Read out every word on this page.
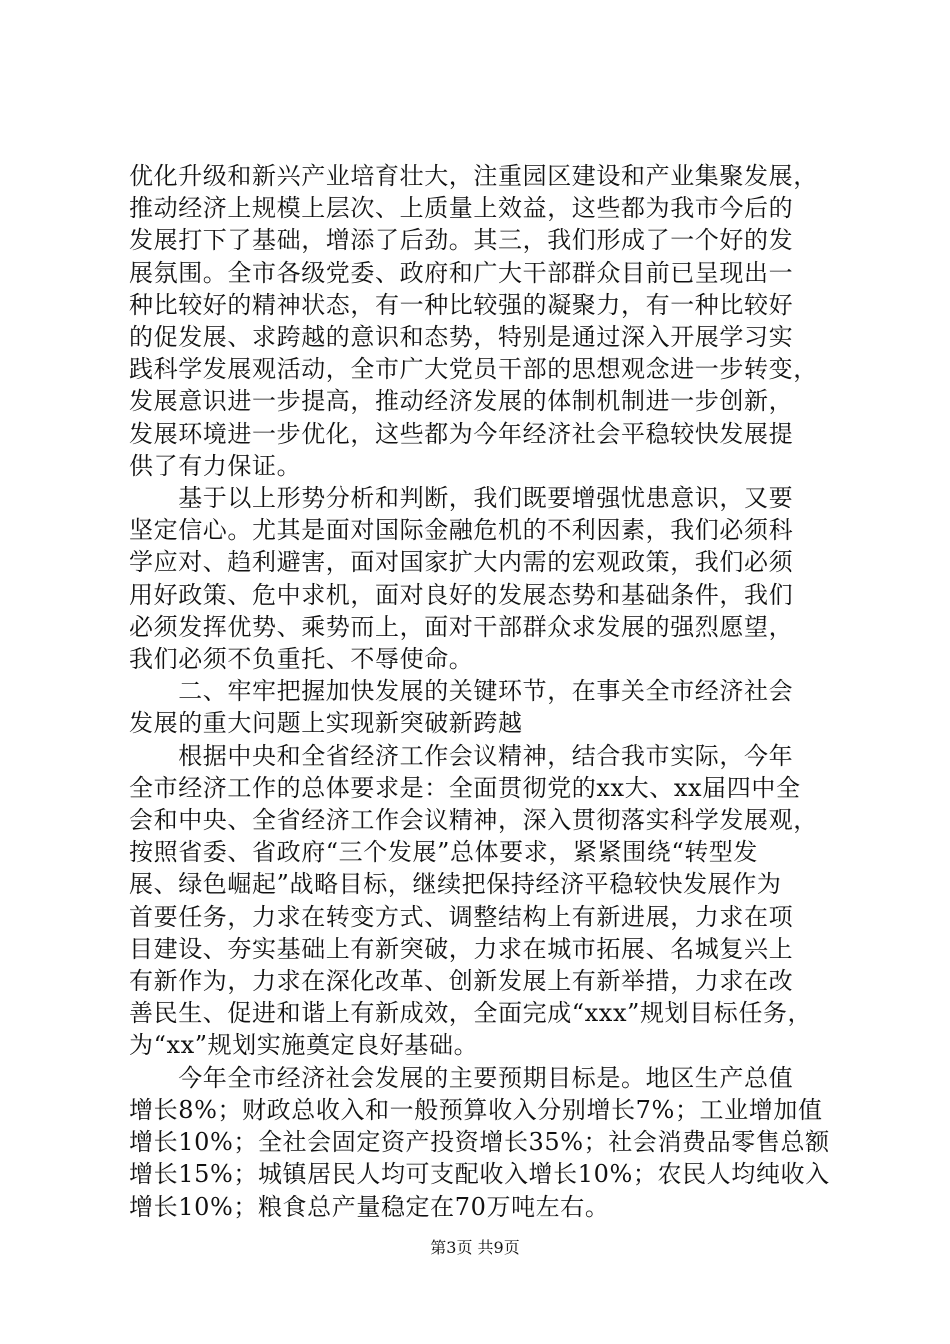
优化升级和新兴产业培育壮大，注重园区建设和产业集聚发展，
推动经济上规模上层次、上质量上效益，这些都为我市今后的
发展打下了基础，增添了后劲。其三，我们形成了一个好的发
展氛围。全市各级党委、政府和广大干部群众目前已呈现出一
种比较好的精神状态，有一种比较强的凝聚力，有一种比较好
的促发展、求跨越的意识和态势，特别是通过深入开展学习实
践科学发展观活动，全市广大党员干部的思想观念进一步转变，
发展意识进一步提高，推动经济发展的体制机制进一步创新，
发展环境进一步优化，这些都为今年经济社会平稳较快发展提
供了有力保证。

　　基于以上形势分析和判断，我们既要增强忧患意识，又要
坚定信心。尤其是面对国际金融危机的不利因素，我们必须科
学应对、趋利避害，面对国家扩大内需的宏观政策，我们必须
用好政策、危中求机，面对良好的发展态势和基础条件，我们
必须发挥优势、乘势而上，面对干部群众求发展的强烈愿望，
我们必须不负重托、不辱使命。

　　二、牢牢把握加快发展的关键环节，在事关全市经济社会
发展的重大问题上实现新突破新跨越

　　根据中央和全省经济工作会议精神，结合我市实际，今年
全市经济工作的总体要求是：全面贯彻党的xx大、xx届四中全
会和中央、全省经济工作会议精神，深入贯彻落实科学发展观，
按照省委、省政府“三个发展”总体要求，紧紧围绕“转型发
展、绿色崛起”战略目标，继续把保持经济平稳较快发展作为
首要任务，力求在转变方式、调整结构上有新进展，力求在项
目建设、夯实基础上有新突破，力求在城市拓展、名城复兴上
有新作为，力求在深化改革、创新发展上有新举措，力求在改
善民生、促进和谐上有新成效，全面完成“xxx”规划目标任务，
为“xx”规划实施奠定良好基础。

　　今年全市经济社会发展的主要预期目标是。地区生产总值
增长8%；财政总收入和一般预算收入分别增长7%；工业增加值
增长10%；全社会固定资产投资增长35%；社会消费品零售总额
增长15%；城镇居民人均可支配收入增长10%；农民人均纯收入
增长10%；粮食总产量稳定在70万吨左右。

第3页 共9页
